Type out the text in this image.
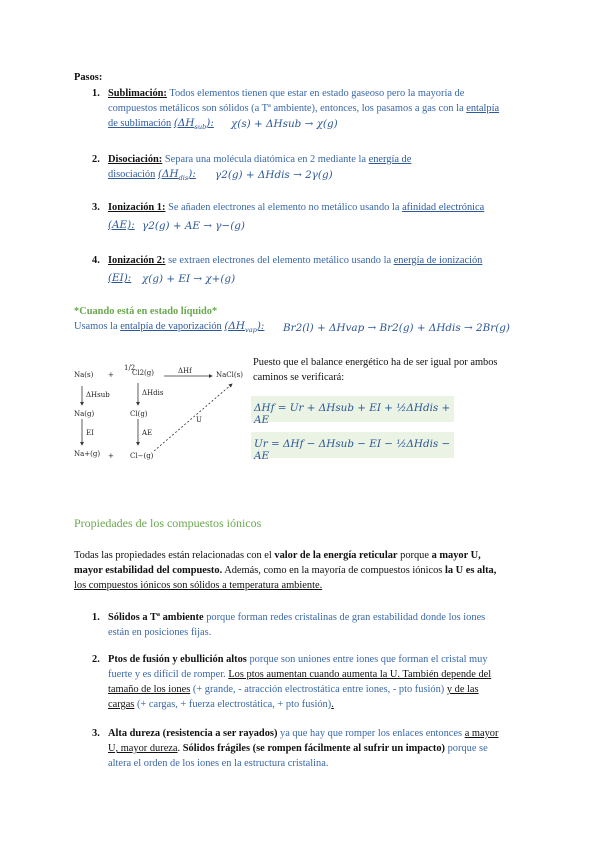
Pasos:
1. Sublimación: Todos elementos tienen que estar en estado gaseoso pero la mayoría de
compuestos metálicos son sólidos (a Tª ambiente), entonces, los pasamos a gas con la entalpía
de sublimación $(\Delta H_{sub})$: χ(s) + ΔHsub → χ(g)
2. Disociación: Separa una molécula diatómica en 2 mediante la energía de
disociación $(\Delta H_{dis})$: γ2(g) + ΔHdis → 2γ(g)
3. Ionización 1: Se añaden electrones al elemento no metálico usando la afinidad electrónica
(AE): γ2(g) + AE → γ−(g)
4. Ionización 2: se extraen electrones del elemento metálico usando la energía de ionización
(EI): χ(g) + EI → χ+(g)
*Cuando está en estado líquido*
Usamos la entalpía de vaporización $(\Delta H_{vap})$: Br2(l) + ΔHvap → Br2(g) + ΔHdis → 2Br(g)
Na(s) +
1/2
Cl2(g)	ΔHf	NaCl(s)
ΔHsub	ΔHdis
Na(g)	Cl(g)
EI	AE
U
Na+(g) + Cl−(g)
Puesto que el balance energético ha de ser igual por ambos
caminos se verificará:
ΔHf = Ur + ΔHsub + EI + ½ΔHdis + AE
Ur = ΔHf − ΔHsub − EI − ½ΔHdis − AE
Propiedades de los compuestos iónicos
Todas las propiedades están relacionadas con el valor de la energía reticular porque a mayor U,
mayor estabilidad del compuesto. Además, como en la mayoría de compuestos iónicos la U es alta,
los compuestos iónicos son sólidos a temperatura ambiente.
1. Sólidos a Tª ambiente porque forman redes cristalinas de gran estabilidad donde los iones
están en posiciones fijas.
2. Ptos de fusión y ebullición altos porque son uniones entre iones que forman el cristal muy
fuerte y es difícil de romper. Los ptos aumentan cuando aumenta la U. También depende del
tamaño de los iones (+ grande, - atracción electrostática entre iones, - pto fusión) y de las
cargas (+ cargas, + fuerza electrostática, + pto fusión).
3. Alta dureza (resistencia a ser rayados) ya que hay que romper los enlaces entonces a mayor
U, mayor dureza. Sólidos frágiles (se rompen fácilmente al sufrir un impacto) porque se
altera el orden de los iones en la estructura cristalina.
